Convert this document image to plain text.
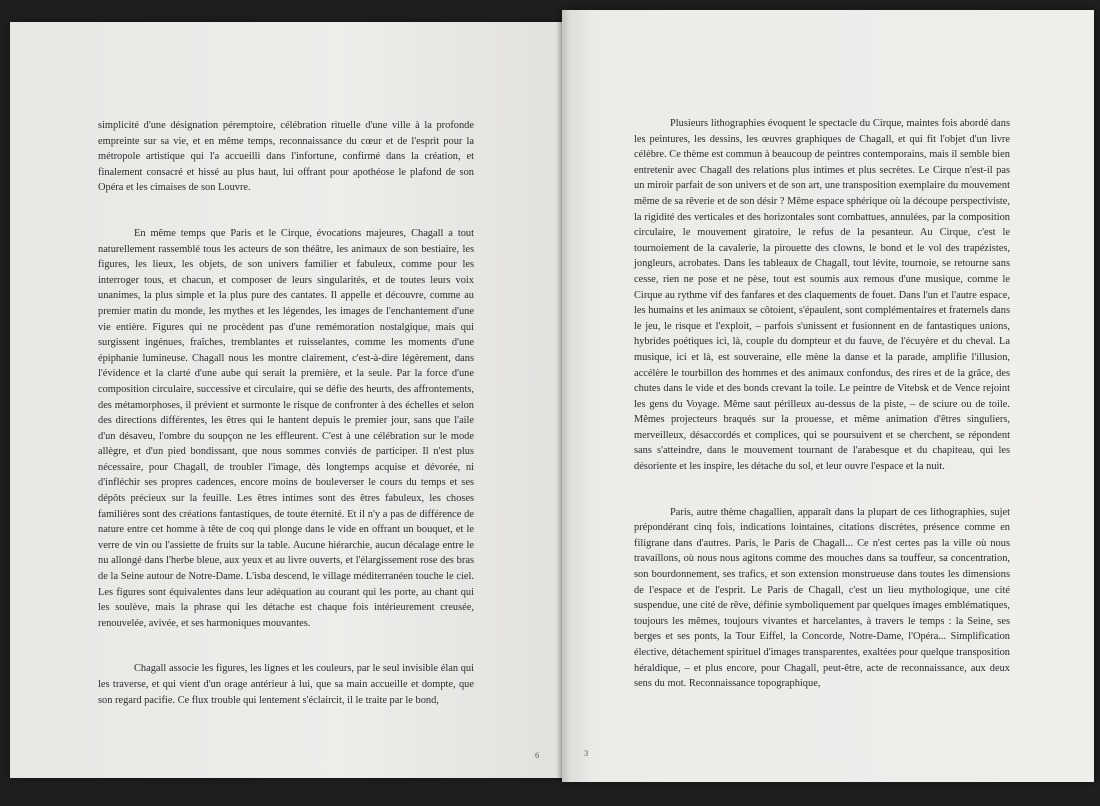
simplicité d'une désignation péremptoire, célébration rituelle d'une ville à la profonde empreinte sur sa vie, et en même temps, reconnaissance du cœur et de l'esprit pour la métropole artistique qui l'a accueilli dans l'infortune, confirmé dans la création, et finalement consacré et hissé au plus haut, lui offrant pour apothéose le plafond de son Opéra et les cimaises de son Louvre.

En même temps que Paris et le Cirque, évocations majeures, Chagall a tout naturellement rassemblé tous les acteurs de son théâtre, les animaux de son bestiaire, les figures, les lieux, les objets, de son univers familier et fabuleux, comme pour les interroger tous, et chacun, et composer de leurs singularités, et de toutes leurs voix unanimes, la plus simple et la plus pure des cantates. Il appelle et découvre, comme au premier matin du monde, les mythes et les légendes, les images de l'enchantement d'une vie entière. Figures qui ne procèdent pas d'une remémoration nostalgique, mais qui surgissent ingénues, fraîches, tremblantes et ruisselantes, comme les moments d'une épiphanie lumineuse. Chagall nous les montre clairement, c'est-à-dire légèrement, dans l'évidence et la clarté d'une aube qui serait la première, et la seule. Par la force d'une composition circulaire, successive et circulaire, qui se défie des heurts, des affrontements, des métamorphoses, il prévient et surmonte le risque de confronter à des échelles et selon des directions différentes, les êtres qui le hantent depuis le premier jour, sans que l'aile d'un désaveu, l'ombre du soupçon ne les effleurent. C'est à une célébration sur le mode allègre, et d'un pied bondissant, que nous sommes conviés de participer. Il n'est plus nécessaire, pour Chagall, de troubler l'image, dès longtemps acquise et dévorée, ni d'infléchir ses propres cadences, encore moins de bouleverser le cours du temps et ses dépôts précieux sur la feuille. Les êtres intimes sont des êtres fabuleux, les choses familières sont des créations fantastiques, de toute éternité. Et il n'y a pas de différence de nature entre cet homme à tête de coq qui plonge dans le vide en offrant un bouquet, et le verre de vin ou l'assiette de fruits sur la table. Aucune hiérarchie, aucun décalage entre le nu allongé dans l'herbe bleue, aux yeux et au livre ouverts, et l'élargissement rose des bras de la Seine autour de Notre-Dame. L'isba descend, le village méditerranéen touche le ciel. Les figures sont équivalentes dans leur adéquation au courant qui les porte, au chant qui les soulève, mais la phrase qui les détache est chaque fois intérieurement creusée, renouvelée, avivée, et ses harmoniques mouvantes.

Chagall associe les figures, les lignes et les couleurs, par le seul invisible élan qui les traverse, et qui vient d'un orage antérieur à lui, que sa main accueille et dompte, que son regard pacifie. Ce flux trouble qui lentement s'éclaircit, il le traite par le bond,

6

Plusieurs lithographies évoquent le spectacle du Cirque, maintes fois abordé dans les peintures, les dessins, les œuvres graphiques de Chagall, et qui fit l'objet d'un livre célèbre. Ce thème est commun à beaucoup de peintres contemporains, mais il semble bien entretenir avec Chagall des relations plus intimes et plus secrètes. Le Cirque n'est-il pas un miroir parfait de son univers et de son art, une transposition exemplaire du mouvement même de sa rêverie et de son désir ? Même espace sphérique où la découpe perspectiviste, la rigidité des verticales et des horizontales sont combattues, annulées, par la composition circulaire, le mouvement giratoire, le refus de la pesanteur. Au Cirque, c'est le tournoiement de la cavalerie, la pirouette des clowns, le bond et le vol des trapézistes, jongleurs, acrobates. Dans les tableaux de Chagall, tout lévite, tournoie, se retourne sans cesse, rien ne pose et ne pèse, tout est soumis aux remous d'une musique, comme le Cirque au rythme vif des fanfares et des claquements de fouet. Dans l'un et l'autre espace, les humains et les animaux se côtoient, s'épaulent, sont complémentaires et fraternels dans le jeu, le risque et l'exploit, – parfois s'unissent et fusionnent en de fantastiques unions, hybrides poétiques ici, là, couple du dompteur et du fauve, de l'écuyère et du cheval. La musique, ici et là, est souveraine, elle mène la danse et la parade, amplifie l'illusion, accélère le tourbillon des hommes et des animaux confondus, des rires et de la grâce, des chutes dans le vide et des bonds crevant la toile. Le peintre de Vitebsk et de Vence rejoint les gens du Voyage. Même saut périlleux au-dessus de la piste, – de sciure ou de toile. Mêmes projecteurs braqués sur la prouesse, et même animation d'êtres singuliers, merveilleux, désaccordés et complices, qui se poursuivent et se cherchent, se répondent sans s'atteindre, dans le mouvement tournant de l'arabesque et du chapiteau, qui les désoriente et les inspire, les détache du sol, et leur ouvre l'espace et la nuit.

Paris, autre thème chagallien, apparaît dans la plupart de ces lithographies, sujet prépondérant cinq fois, indications lointaines, citations discrètes, présence comme en filigrane dans d'autres. Paris, le Paris de Chagall... Ce n'est certes pas la ville où nous travaillons, où nous nous agitons comme des mouches dans sa touffeur, sa concentration, son bourdonnement, ses trafics, et son extension monstrueuse dans toutes les dimensions de l'espace et de l'esprit. Le Paris de Chagall, c'est un lieu mythologique, une cité suspendue, une cité de rêve, définie symboliquement par quelques images emblématiques, toujours les mêmes, toujours vivantes et harcelantes, à travers le temps : la Seine, ses berges et ses ponts, la Tour Eiffel, la Concorde, Notre-Dame, l'Opéra... Simplification élective, détachement spirituel d'images transparentes, exaltées pour quelque transposition héraldique, – et plus encore, pour Chagall, peut-être, acte de reconnaissance, aux deux sens du mot. Reconnaissance topographique,

3
